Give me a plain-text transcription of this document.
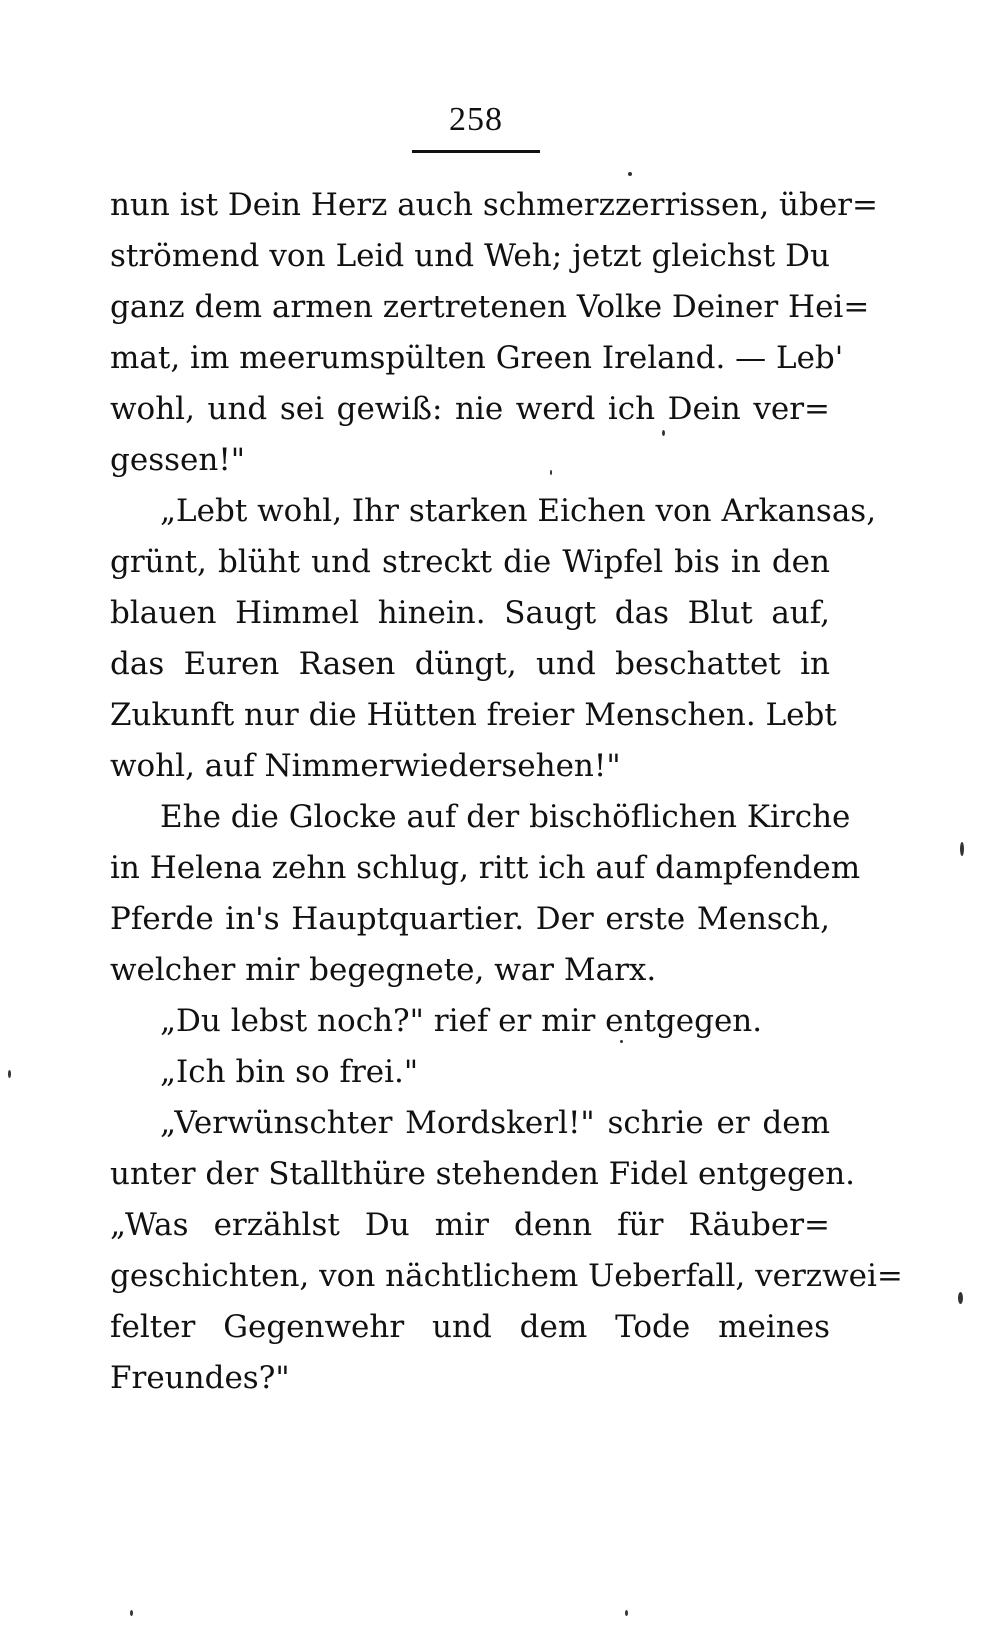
258
nun ist Dein Herz auch schmerzzerrissen, über=
strömend von Leid und Weh; jetzt gleichst Du
ganz dem armen zertretenen Volke Deiner Hei=
mat, im meerumspülten Green Ireland. — Leb'
wohl, und sei gewiß: nie werd ich Dein ver=
gessen!"
„Lebt wohl, Ihr starken Eichen von Arkansas,
grünt, blüht und streckt die Wipfel bis in den
blauen Himmel hinein. Saugt das Blut auf,
das Euren Rasen düngt, und beschattet in
Zukunft nur die Hütten freier Menschen. Lebt
wohl, auf Nimmerwiedersehen!"
Ehe die Glocke auf der bischöflichen Kirche
in Helena zehn schlug, ritt ich auf dampfendem
Pferde in's Hauptquartier. Der erste Mensch,
welcher mir begegnete, war Marx.
„Du lebst noch?" rief er mir entgegen.
„Ich bin so frei."
„Verwünschter Mordskerl!" schrie er dem
unter der Stallthüre stehenden Fidel entgegen.
„Was erzählst Du mir denn für Räuber=
geschichten, von nächtlichem Ueberfall, verzwei=
felter Gegenwehr und dem Tode meines
Freundes?"
